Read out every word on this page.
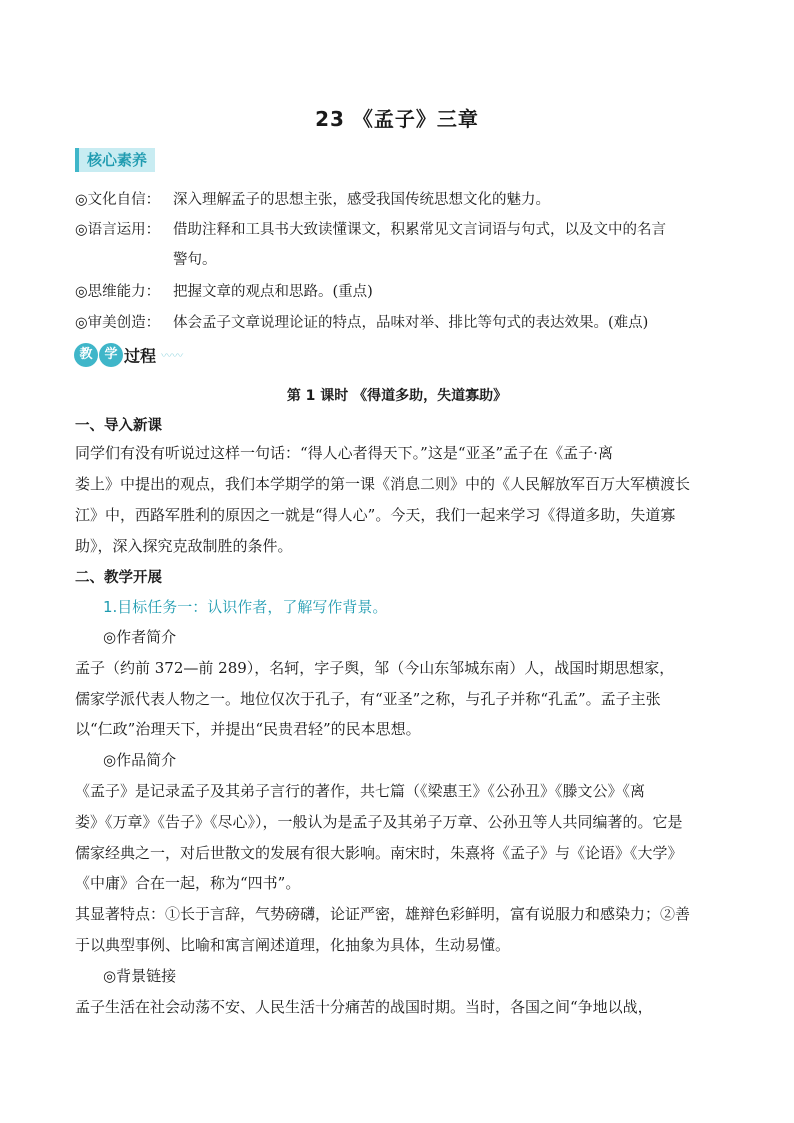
23 《孟子》三章
核心素养
◎文化自信： 深入理解孟子的思想主张，感受我国传统思想文化的魅力。
◎语言运用： 借助注释和工具书大致读懂课文，积累常见文言词语与句式，以及文中的名言
警句。
◎思维能力： 把握文章的观点和思路。(重点)
◎审美创造： 体会孟子文章说理论证的特点，品味对举、排比等句式的表达效果。(难点)
教 学 过程 〰〰
第 1 课时 《得道多助，失道寡助》
一、导入新课
同学们有没有听说过这样一句话：“得人心者得天下。”这是“亚圣”孟子在《孟子·离
娄上》中提出的观点，我们本学期学的第一课《消息二则》中的《人民解放军百万大军横渡长
江》中，西路军胜利的原因之一就是“得人心”。今天，我们一起来学习《得道多助，失道寡
助》，深入探究克敌制胜的条件。
二、教学开展
1.目标任务一：认识作者，了解写作背景。
◎作者简介
孟子（约前 372—前 289），名轲，字子舆，邹（今山东邹城东南）人，战国时期思想家，
儒家学派代表人物之一。地位仅次于孔子，有“亚圣”之称，与孔子并称“孔孟”。孟子主张
以“仁政”治理天下，并提出“民贵君轻”的民本思想。
◎作品简介
《孟子》是记录孟子及其弟子言行的著作，共七篇（《梁惠王》《公孙丑》《滕文公》《离
娄》《万章》《告子》《尽心》），一般认为是孟子及其弟子万章、公孙丑等人共同编著的。它是
儒家经典之一，对后世散文的发展有很大影响。南宋时，朱熹将《孟子》与《论语》《大学》
《中庸》合在一起，称为“四书”。
其显著特点：①长于言辞，气势磅礴，论证严密，雄辩色彩鲜明，富有说服力和感染力；②善
于以典型事例、比喻和寓言阐述道理，化抽象为具体，生动易懂。
◎背景链接
孟子生活在社会动荡不安、人民生活十分痛苦的战国时期。当时，各国之间“争地以战，
